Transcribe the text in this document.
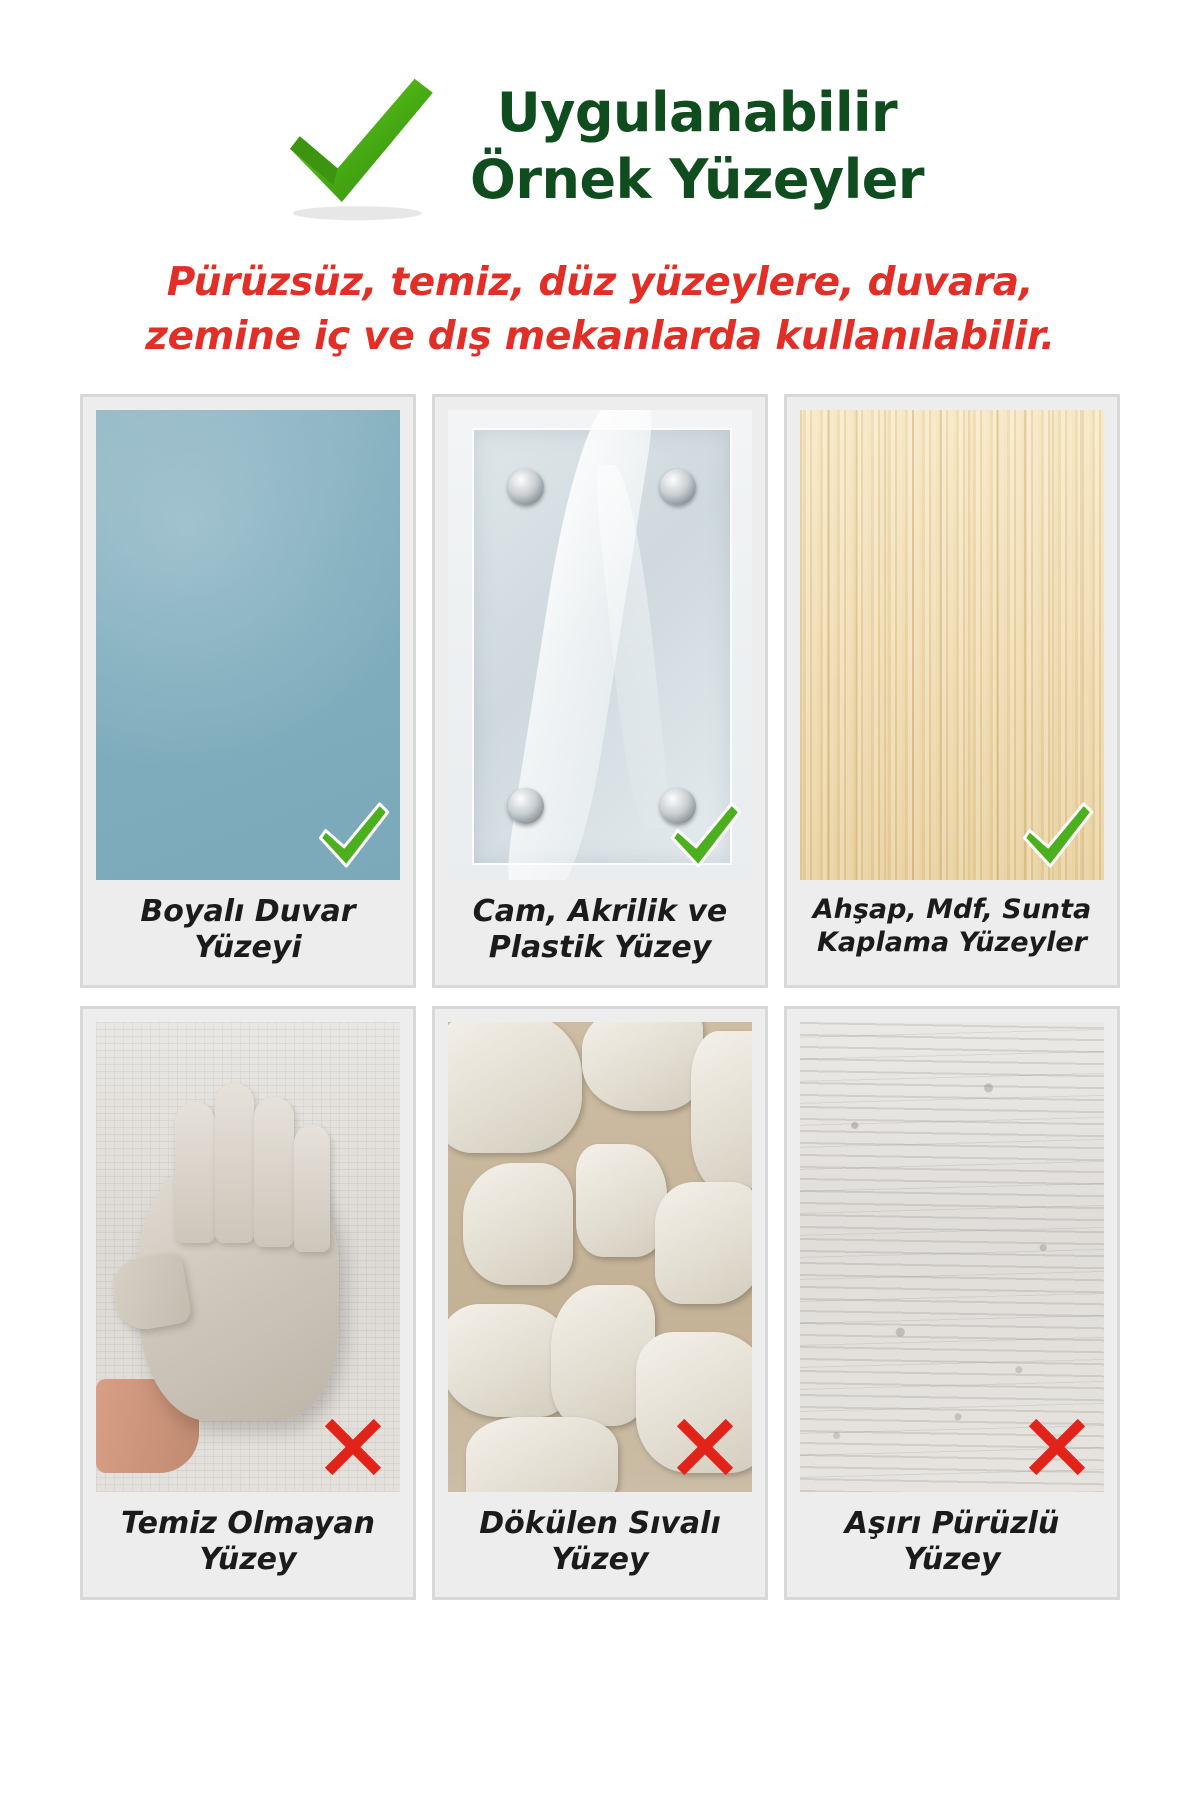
Uygulanabilir
Örnek Yüzeyler
Pürüzsüz, temiz, düz yüzeylere, duvara,
zemine iç ve dış mekanlarda kullanılabilir.
Boyalı Duvar
Yüzeyi
Cam, Akrilik ve
Plastik Yüzey
Ahşap, Mdf, Sunta
Kaplama Yüzeyler
Temiz Olmayan
Yüzey
Dökülen Sıvalı
Yüzey
Aşırı Pürüzlü
Yüzey
